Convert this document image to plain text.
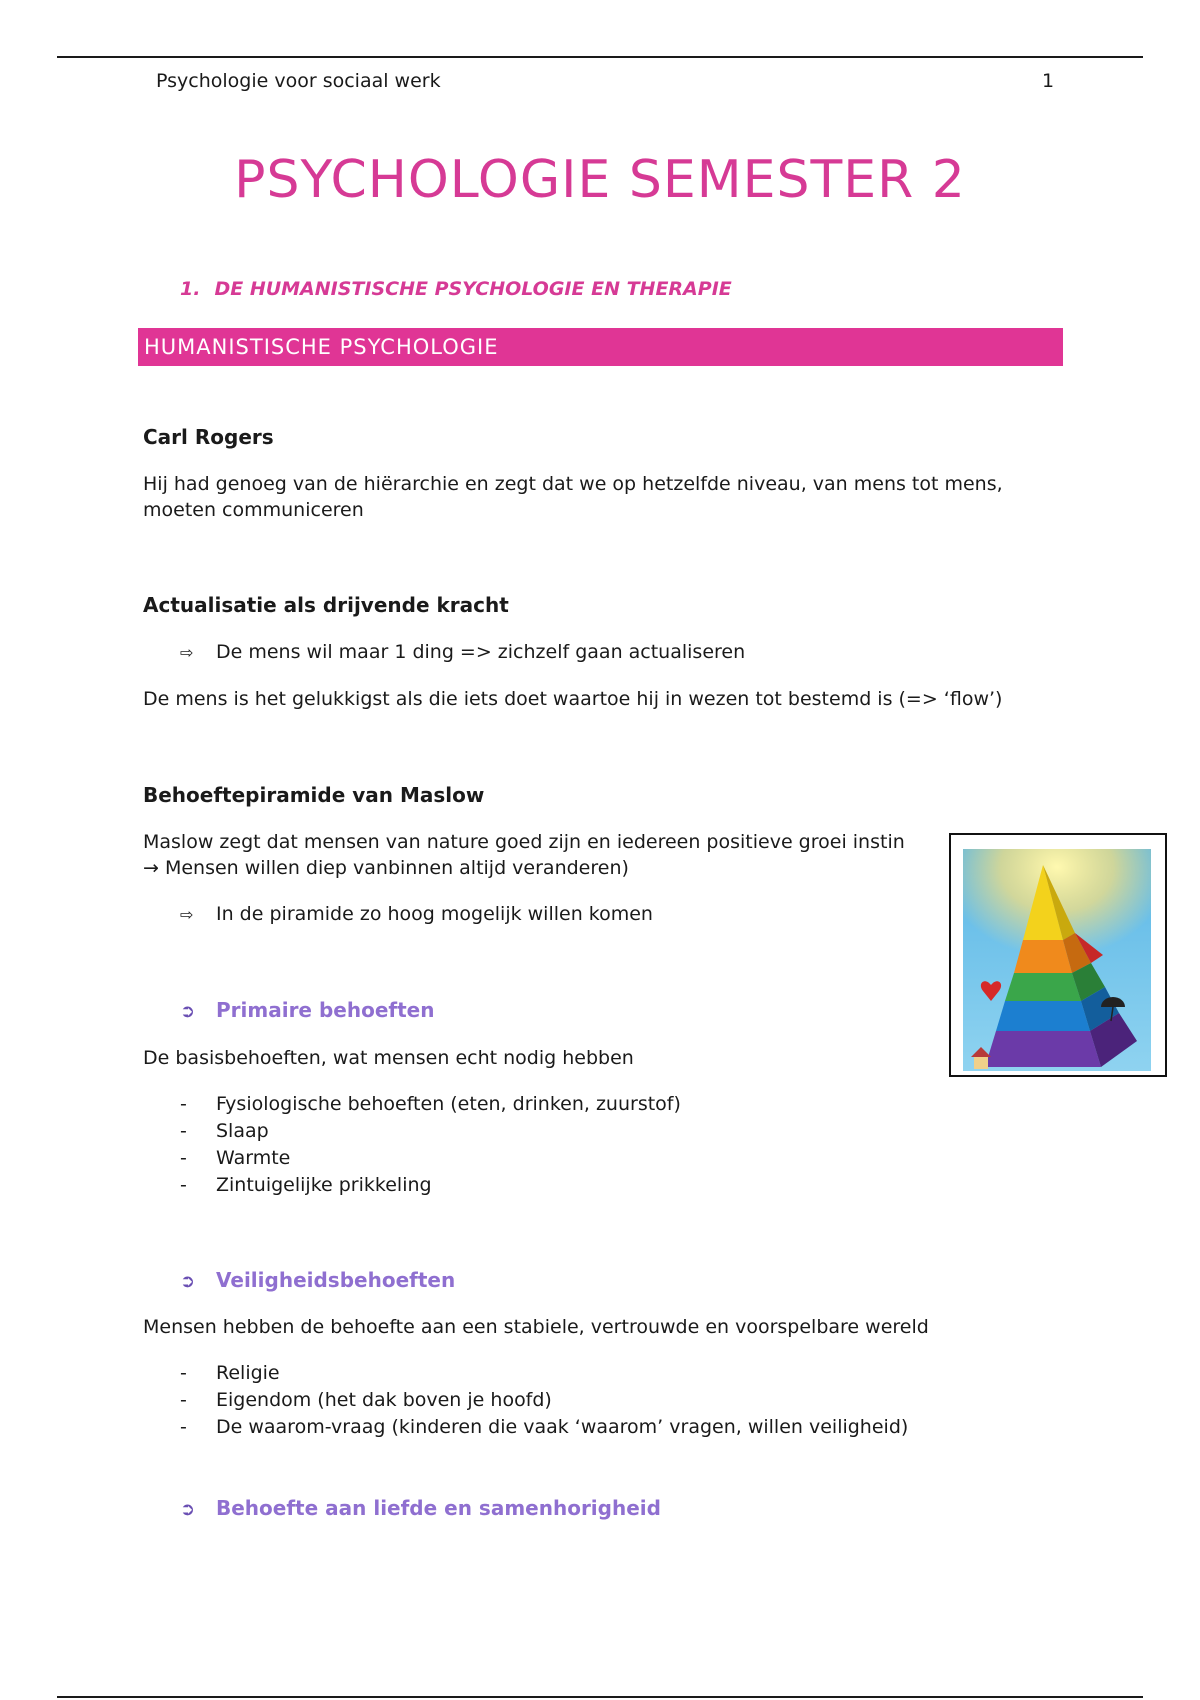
Psychologie voor sociaal werk	1
PSYCHOLOGIE SEMESTER 2
1. DE HUMANISTISCHE PSYCHOLOGIE EN THERAPIE
HUMANISTISCHE PSYCHOLOGIE
Carl Rogers
Hij had genoeg van de hiërarchie en zegt dat we op hetzelfde niveau, van mens tot mens,
moeten communiceren
Actualisatie als drijvende kracht
⇨ De mens wil maar 1 ding => zichzelf gaan actualiseren
De mens is het gelukkigst als die iets doet waartoe hij in wezen tot bestemd is (=> ‘flow’)
Behoeftepiramide van Maslow
Maslow zegt dat mensen van nature goed zijn en iedereen positieve groei instin
→ Mensen willen diep vanbinnen altijd veranderen)
⇨ In de piramide zo hoog mogelijk willen komen
➲ Primaire behoeften
De basisbehoeften, wat mensen echt nodig hebben
- Fysiologische behoeften (eten, drinken, zuurstof)
- Slaap
- Warmte
- Zintuigelijke prikkeling
➲ Veiligheidsbehoeften
Mensen hebben de behoefte aan een stabiele, vertrouwde en voorspelbare wereld
- Religie
- Eigendom (het dak boven je hoofd)
- De waarom-vraag (kinderen die vaak ‘waarom’ vragen, willen veiligheid)
➲ Behoefte aan liefde en samenhorigheid
